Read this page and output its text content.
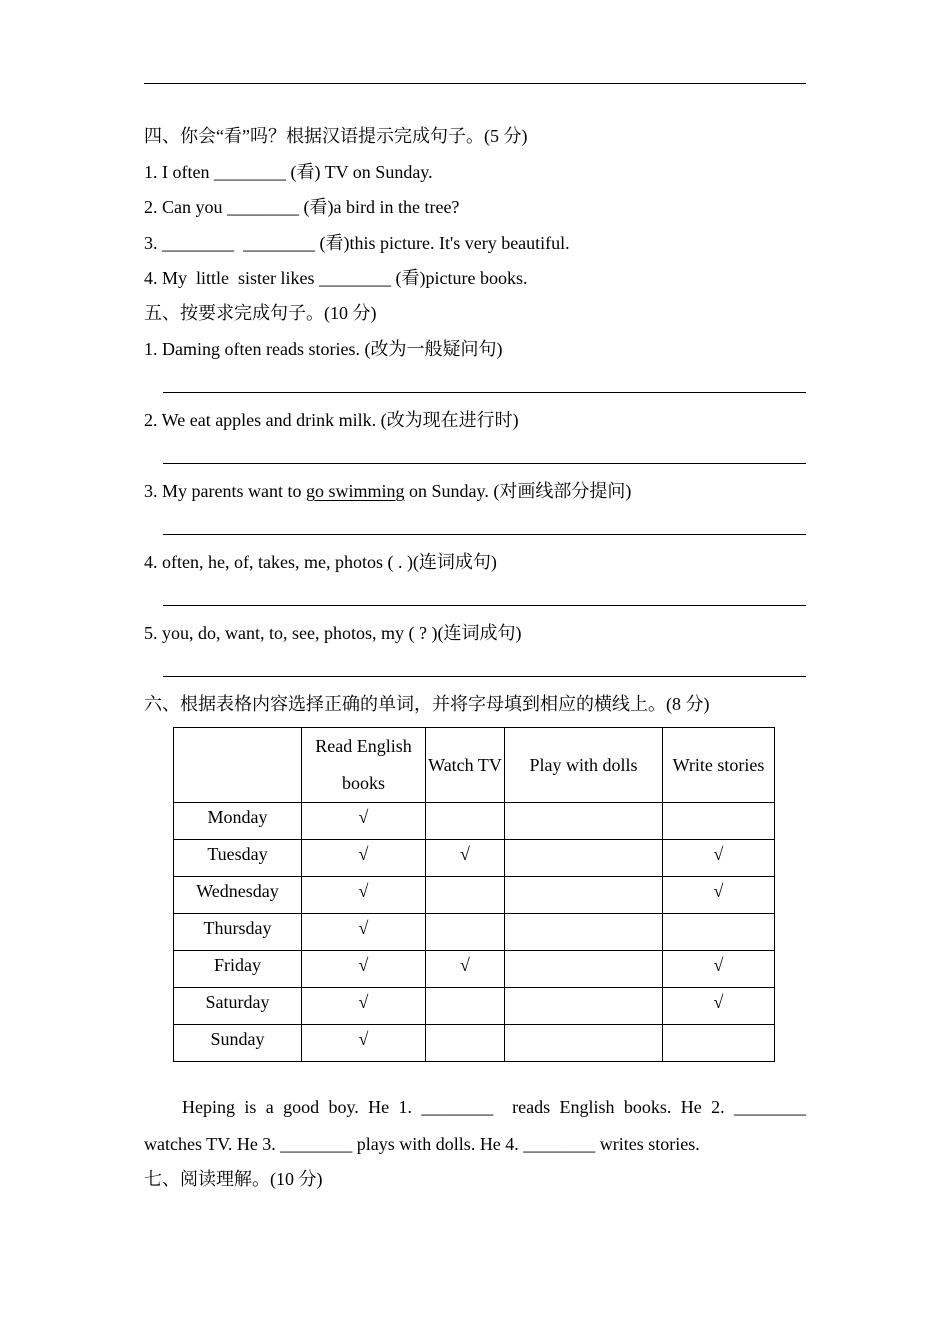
四、你会“看”吗？根据汉语提示完成句子。(5 分)
1. I often ________ (看) TV on Sunday.
2. Can you ________ (看)a bird in the tree?
3. ________  ________ (看)this picture. It's very beautiful.
4. My  little  sister likes ________ (看)picture books.
五、按要求完成句子。(10 分)
1. Daming often reads stories. (改为一般疑问句)
2. We eat apples and drink milk. (改为现在进行时)
3. My parents want to go swimming on Sunday. (对画线部分提问)
4. often, he, of, takes, me, photos ( . )(连词成句)
5. you, do, want, to, see, photos, my ( ? )(连词成句)
六、根据表格内容选择正确的单词，并将字母填到相应的横线上。(8 分)
	Read English books	Watch TV	Play with dolls	Write stories
Monday	√			
Tuesday	√	√		√
Wednesday	√			√
Thursday	√			
Friday	√	√		√
Saturday	√			√
Sunday	√			
Heping is a good boy. He 1. ________  reads English books. He 2. ________
watches TV. He 3. ________ plays with dolls. He 4. ________ writes stories.
七、阅读理解。(10 分)
